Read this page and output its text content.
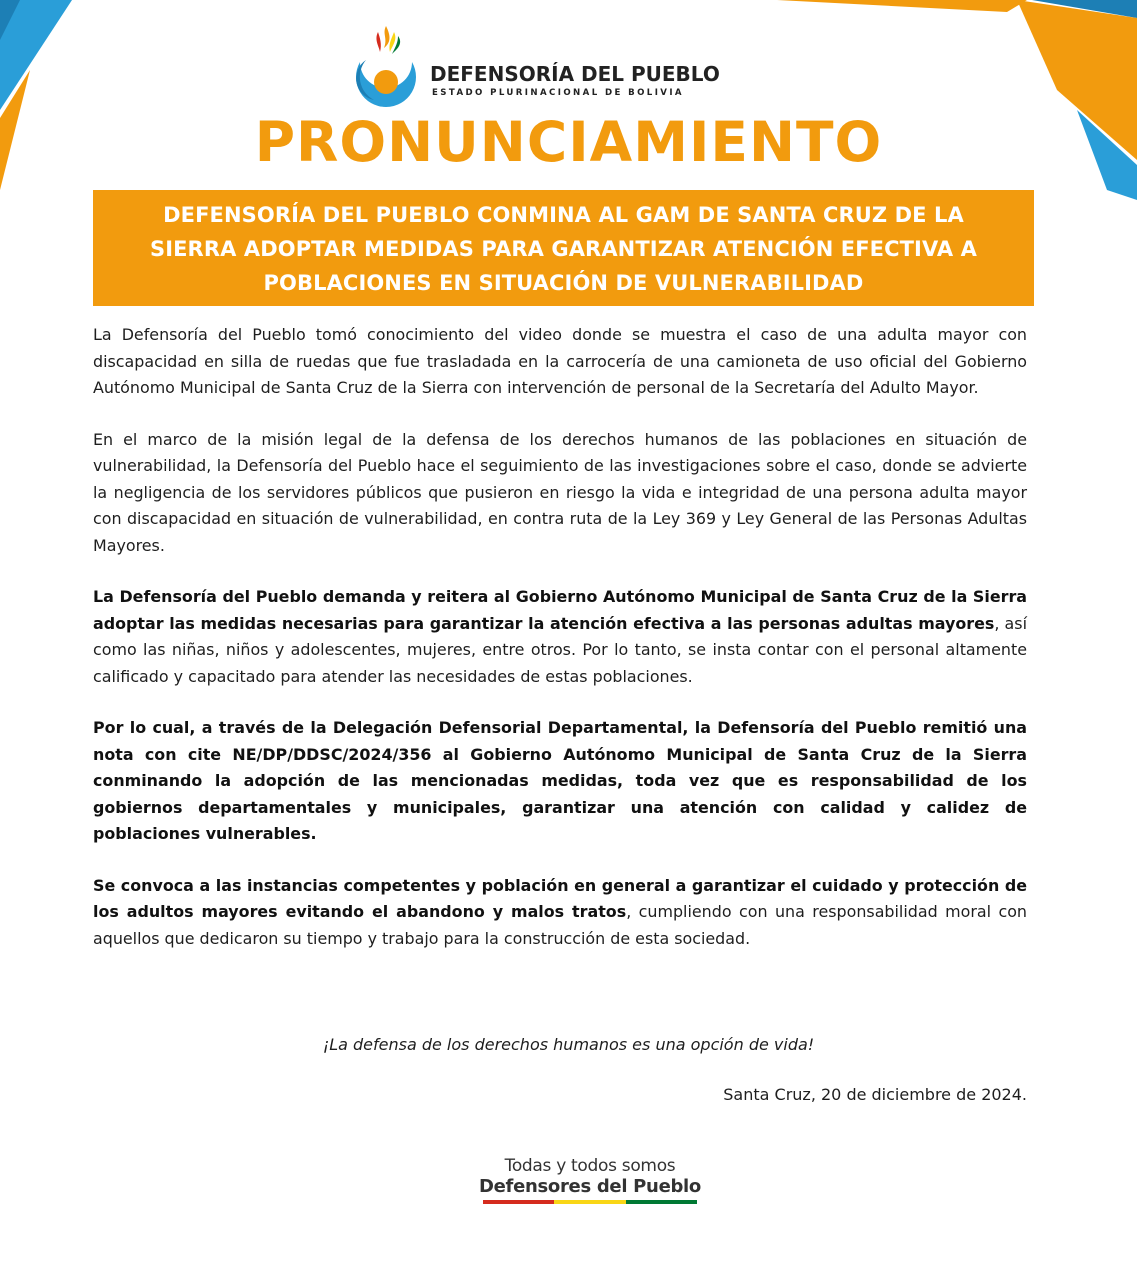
DEFENSORÍA DEL PUEBLO
ESTADO PLURINACIONAL DE BOLIVIA
PRONUNCIAMIENTO
DEFENSORÍA DEL PUEBLO CONMINA AL GAM DE SANTA CRUZ DE LA SIERRA ADOPTAR MEDIDAS PARA GARANTIZAR ATENCIÓN EFECTIVA A POBLACIONES EN SITUACIÓN DE VULNERABILIDAD

La Defensoría del Pueblo tomó conocimiento del video donde se muestra el caso de una adulta mayor con discapacidad en silla de ruedas que fue trasladada en la carrocería de una camioneta de uso oficial del Gobierno Autónomo Municipal de Santa Cruz de la Sierra con intervención de personal de la Secretaría del Adulto Mayor.

En el marco de la misión legal de la defensa de los derechos humanos de las poblaciones en situación de vulnerabilidad, la Defensoría del Pueblo hace el seguimiento de las investigaciones sobre el caso, donde se advierte la negligencia de los servidores públicos que pusieron en riesgo la vida e integridad de una persona adulta mayor con discapacidad en situación de vulnerabilidad, en contra ruta de la Ley 369 y Ley General de las Personas Adultas Mayores.

La Defensoría del Pueblo demanda y reitera al Gobierno Autónomo Municipal de Santa Cruz de la Sierra adoptar las medidas necesarias para garantizar la atención efectiva a las personas adultas mayores, así como las niñas, niños y adolescentes, mujeres, entre otros. Por lo tanto, se insta contar con el personal altamente calificado y capacitado para atender las necesidades de estas poblaciones.

Por lo cual, a través de la Delegación Defensorial Departamental, la Defensoría del Pueblo remitió una nota con cite NE/DP/DDSC/2024/356 al Gobierno Autónomo Municipal de Santa Cruz de la Sierra conminando la adopción de las mencionadas medidas, toda vez que es responsabilidad de los gobiernos departamentales y municipales, garantizar una atención con calidad y calidez de poblaciones vulnerables.

Se convoca a las instancias competentes y población en general a garantizar el cuidado y protección de los adultos mayores evitando el abandono y malos tratos, cumpliendo con una responsabilidad moral con aquellos que dedicaron su tiempo y trabajo para la construcción de esta sociedad.

¡La defensa de los derechos humanos es una opción de vida!
Santa Cruz, 20 de diciembre de 2024.
Todas y todos somos
Defensores del Pueblo
